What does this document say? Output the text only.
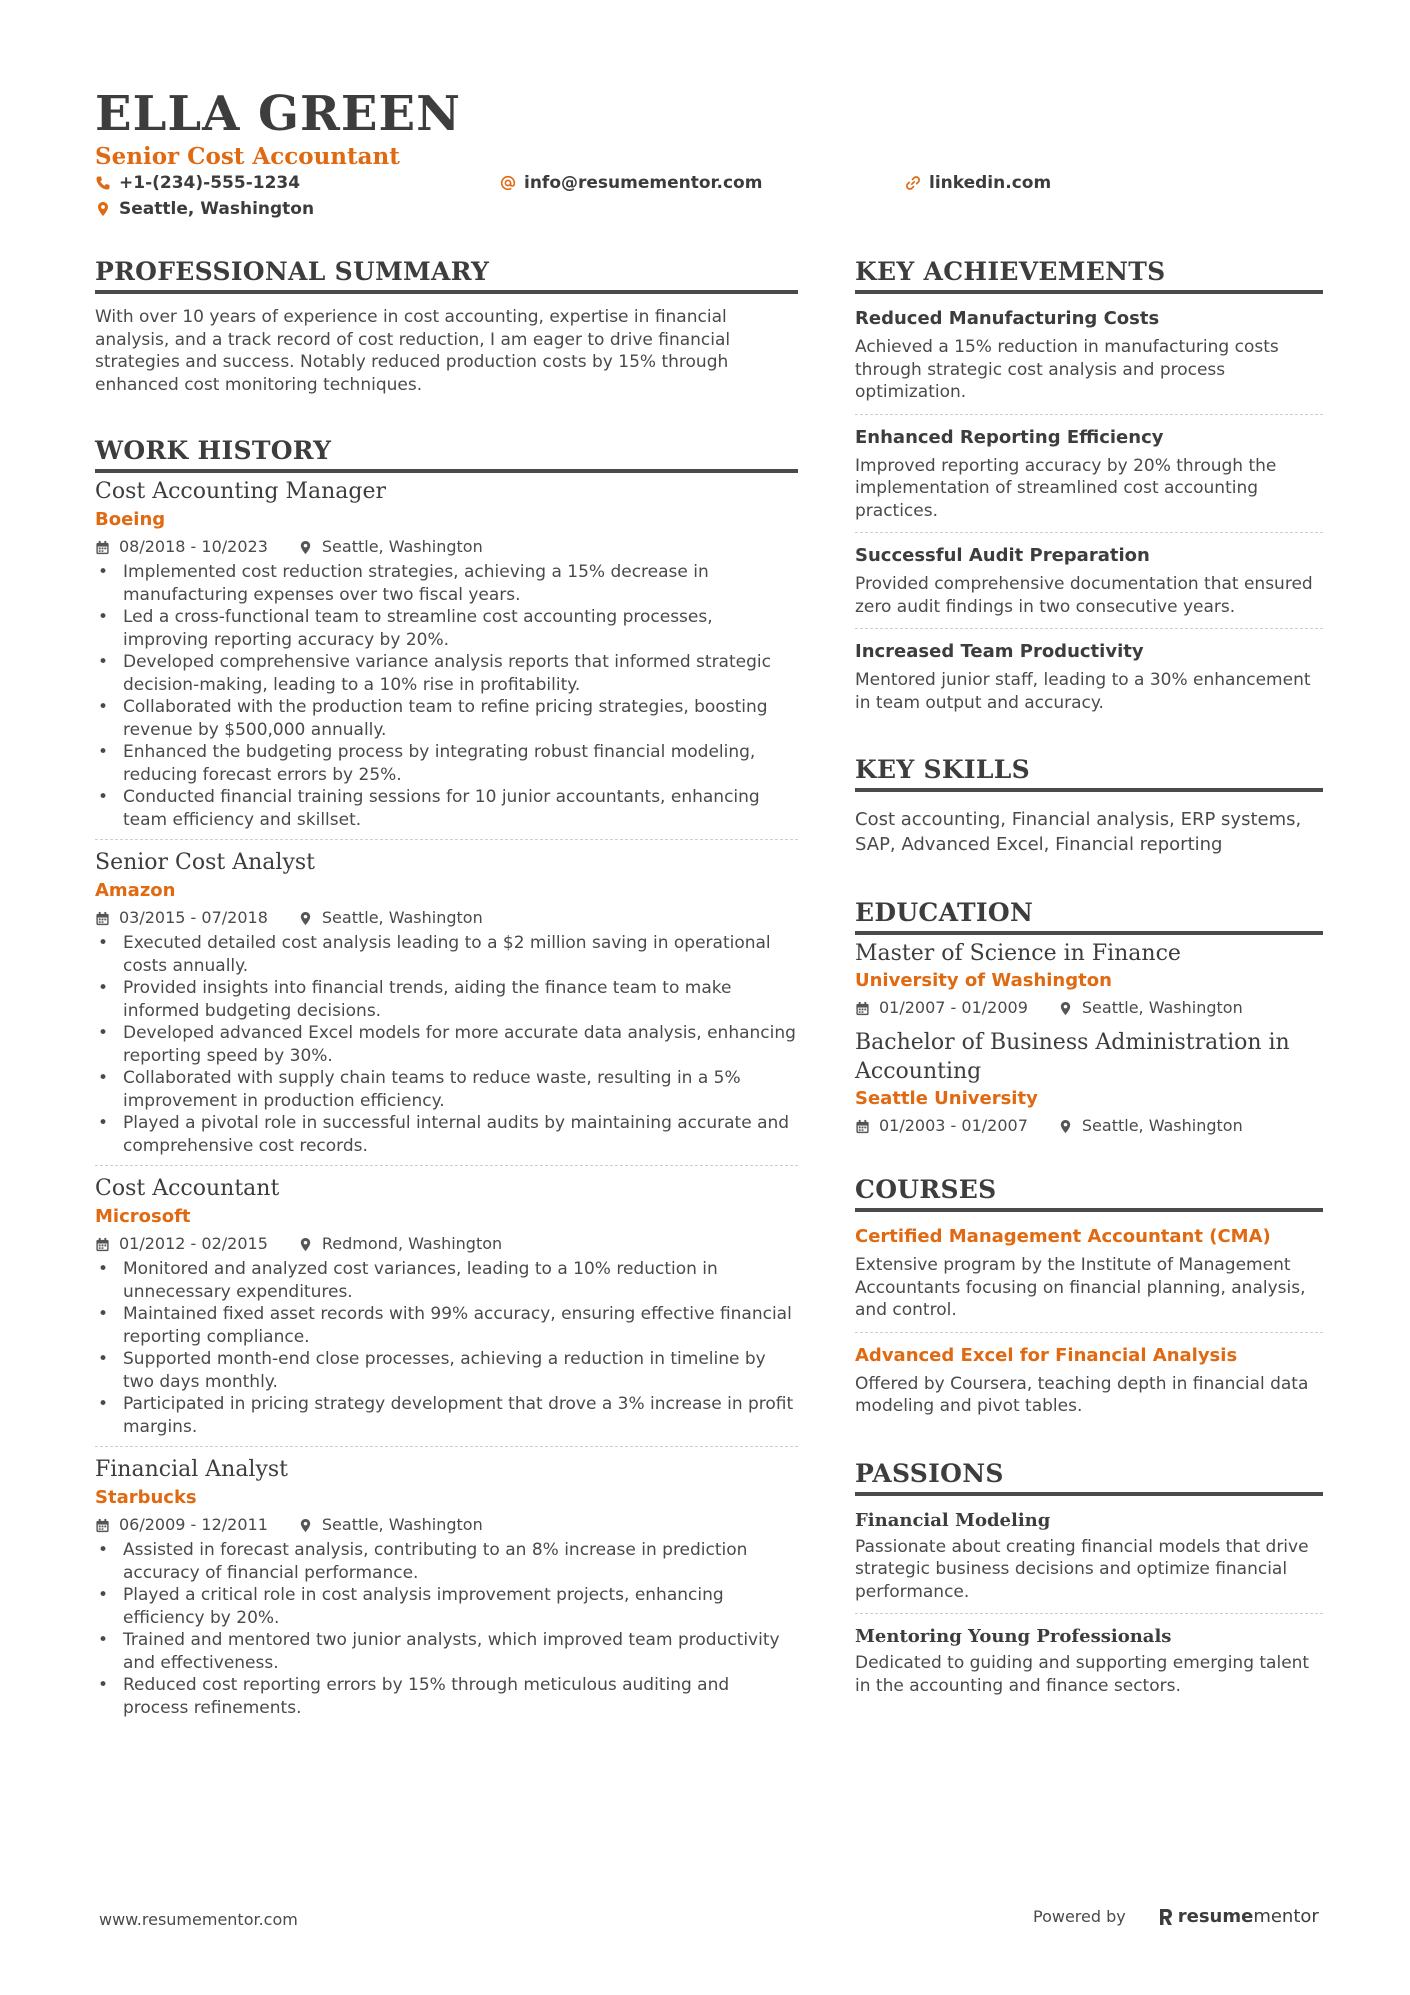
ELLA GREEN
Senior Cost Accountant
+1-(234)-555-1234	info@resumementor.com	linkedin.com
Seattle, Washington
PROFESSIONAL SUMMARY

With over 10 years of experience in cost accounting, expertise in financial analysis, and a track record of cost reduction, I am eager to drive financial strategies and success. Notably reduced production costs by 15% through enhanced cost monitoring techniques.

WORK HISTORY

Cost Accounting Manager

Boeing

08/2018 - 10/2023	Seattle, Washington
• Implemented cost reduction strategies, achieving a 15% decrease in manufacturing expenses over two fiscal years.
• Led a cross-functional team to streamline cost accounting processes, improving reporting accuracy by 20%.
• Developed comprehensive variance analysis reports that informed strategic decision-making, leading to a 10% rise in profitability.
• Collaborated with the production team to refine pricing strategies, boosting revenue by $500,000 annually.
• Enhanced the budgeting process by integrating robust financial modeling, reducing forecast errors by 25%.
• Conducted financial training sessions for 10 junior accountants, enhancing team efficiency and skillset.

Senior Cost Analyst

Amazon

03/2015 - 07/2018	Seattle, Washington
• Executed detailed cost analysis leading to a $2 million saving in operational costs annually.
• Provided insights into financial trends, aiding the finance team to make informed budgeting decisions.
• Developed advanced Excel models for more accurate data analysis, enhancing reporting speed by 30%.
• Collaborated with supply chain teams to reduce waste, resulting in a 5% improvement in production efficiency.
• Played a pivotal role in successful internal audits by maintaining accurate and comprehensive cost records.

Cost Accountant

Microsoft

01/2012 - 02/2015	Redmond, Washington
• Monitored and analyzed cost variances, leading to a 10% reduction in unnecessary expenditures.
• Maintained fixed asset records with 99% accuracy, ensuring effective financial reporting compliance.
• Supported month-end close processes, achieving a reduction in timeline by two days monthly.
• Participated in pricing strategy development that drove a 3% increase in profit margins.

Financial Analyst

Starbucks

06/2009 - 12/2011	Seattle, Washington
• Assisted in forecast analysis, contributing to an 8% increase in prediction accuracy of financial performance.
• Played a critical role in cost analysis improvement projects, enhancing efficiency by 20%.
• Trained and mentored two junior analysts, which improved team productivity and effectiveness.
• Reduced cost reporting errors by 15% through meticulous auditing and process refinements.
KEY ACHIEVEMENTS

Reduced Manufacturing Costs

Achieved a 15% reduction in manufacturing costs through strategic cost analysis and process optimization.

Enhanced Reporting Efficiency

Improved reporting accuracy by 20% through the implementation of streamlined cost accounting practices.

Successful Audit Preparation

Provided comprehensive documentation that ensured zero audit findings in two consecutive years.

Increased Team Productivity

Mentored junior staff, leading to a 30% enhancement in team output and accuracy.

KEY SKILLS

Cost accounting, Financial analysis, ERP systems, SAP, Advanced Excel, Financial reporting

EDUCATION

Master of Science in Finance

University of Washington

01/2007 - 01/2009	Seattle, Washington

Bachelor of Business Administration in Accounting

Seattle University

01/2003 - 01/2007	Seattle, Washington
COURSES

Certified Management Accountant (CMA)

Extensive program by the Institute of Management Accountants focusing on financial planning, analysis, and control.

Advanced Excel for Financial Analysis

Offered by Coursera, teaching depth in financial data modeling and pivot tables.

PASSIONS

Financial Modeling

Passionate about creating financial models that drive strategic business decisions and optimize financial performance.

Mentoring Young Professionals

Dedicated to guiding and supporting emerging talent in the accounting and finance sectors.

www.resumementor.com	Powered by	resume mentor
